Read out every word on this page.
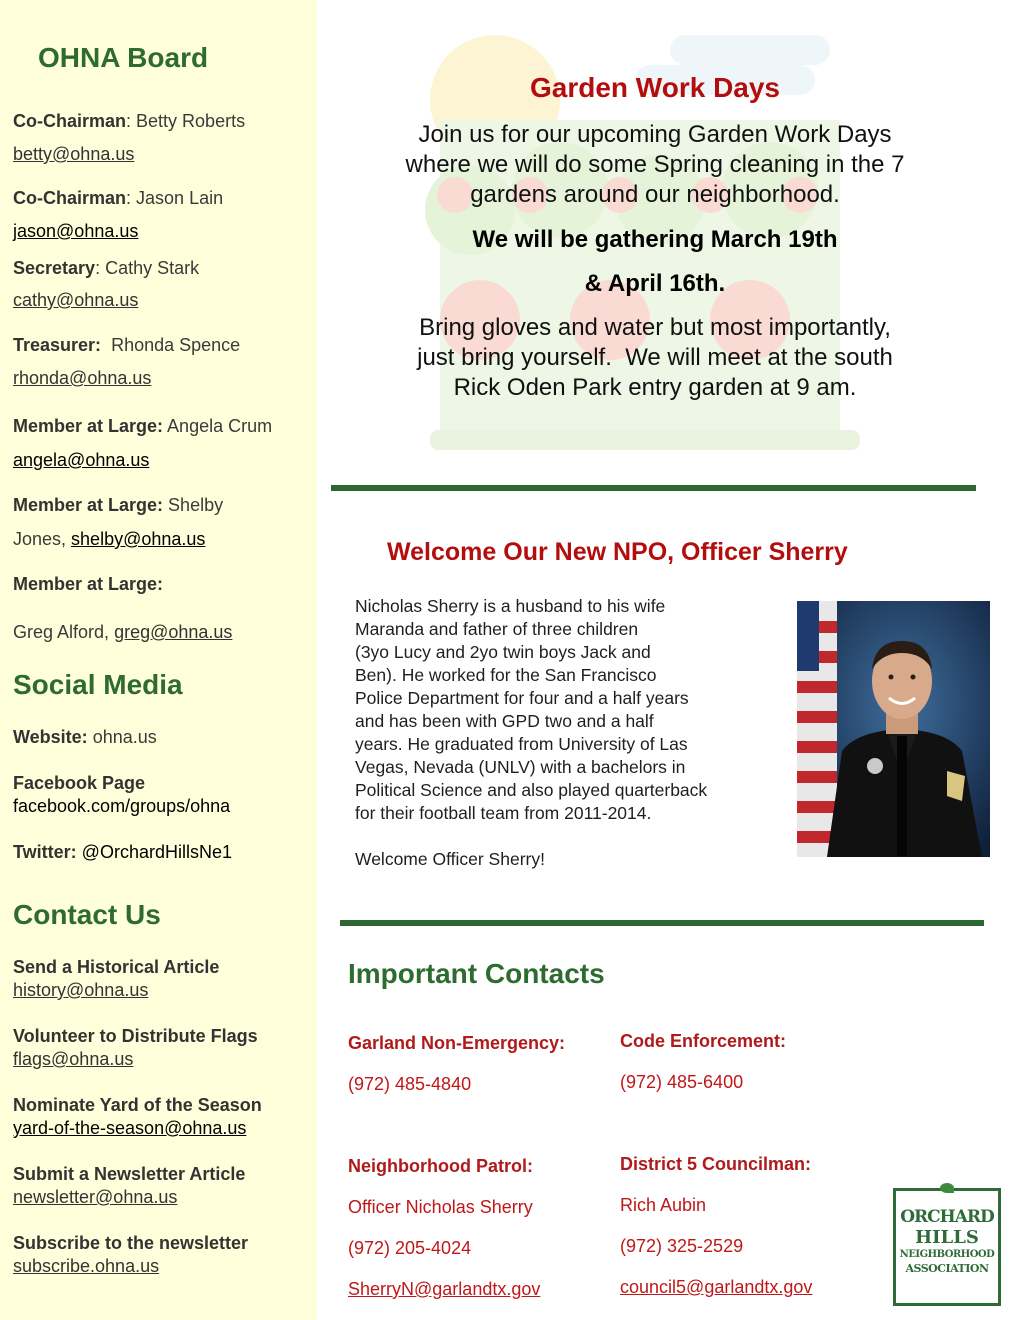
OHNA Board
Co-Chairman: Betty Roberts
betty@ohna.us
Co-Chairman: Jason Lain
jason@ohna.us
Secretary: Cathy Stark
cathy@ohna.us
Treasurer:  Rhonda Spence
rhonda@ohna.us
Member at Large: Angela Crum
angela@ohna.us
Member at Large: Shelby
Jones, shelby@ohna.us
Member at Large:
Greg Alford, greg@ohna.us
Social Media
Website: ohna.us
Facebook Page
facebook.com/groups/ohna
Twitter: @OrchardHillsNe1
Contact Us
Send a Historical Article
history@ohna.us
Volunteer to Distribute Flags
flags@ohna.us
Nominate Yard of the Season
yard-of-the-season@ohna.us
Submit a Newsletter Article
newsletter@ohna.us
Subscribe to the newsletter
subscribe.ohna.us
Garden Work Days
Join us for our upcoming Garden Work Days
where we will do some Spring cleaning in the 7
gardens around our neighborhood.
We will be gathering March 19th
& April 16th.
Bring gloves and water but most importantly,
just bring yourself.  We will meet at the south
Rick Oden Park entry garden at 9 am.
Welcome Our New NPO, Officer Sherry
Nicholas Sherry is a husband to his wife
Maranda and father of three children
(3yo Lucy and 2yo twin boys Jack and
Ben). He worked for the San Francisco
Police Department for four and a half years
and has been with GPD two and a half
years. He graduated from University of Las
Vegas, Nevada (UNLV) with a bachelors in
Political Science and also played quarterback
for their football team from 2011-2014.
Welcome Officer Sherry!
Important Contacts
Garland Non-Emergency:
(972) 485-4840
Code Enforcement:
(972) 485-6400
Neighborhood Patrol:
Officer Nicholas Sherry
(972) 205-4024
SherryN@garlandtx.gov
District 5 Councilman:
Rich Aubin
(972) 325-2529
council5@garlandtx.gov
ORCHARD
HILLS
NEIGHBORHOOD
ASSOCIATION
